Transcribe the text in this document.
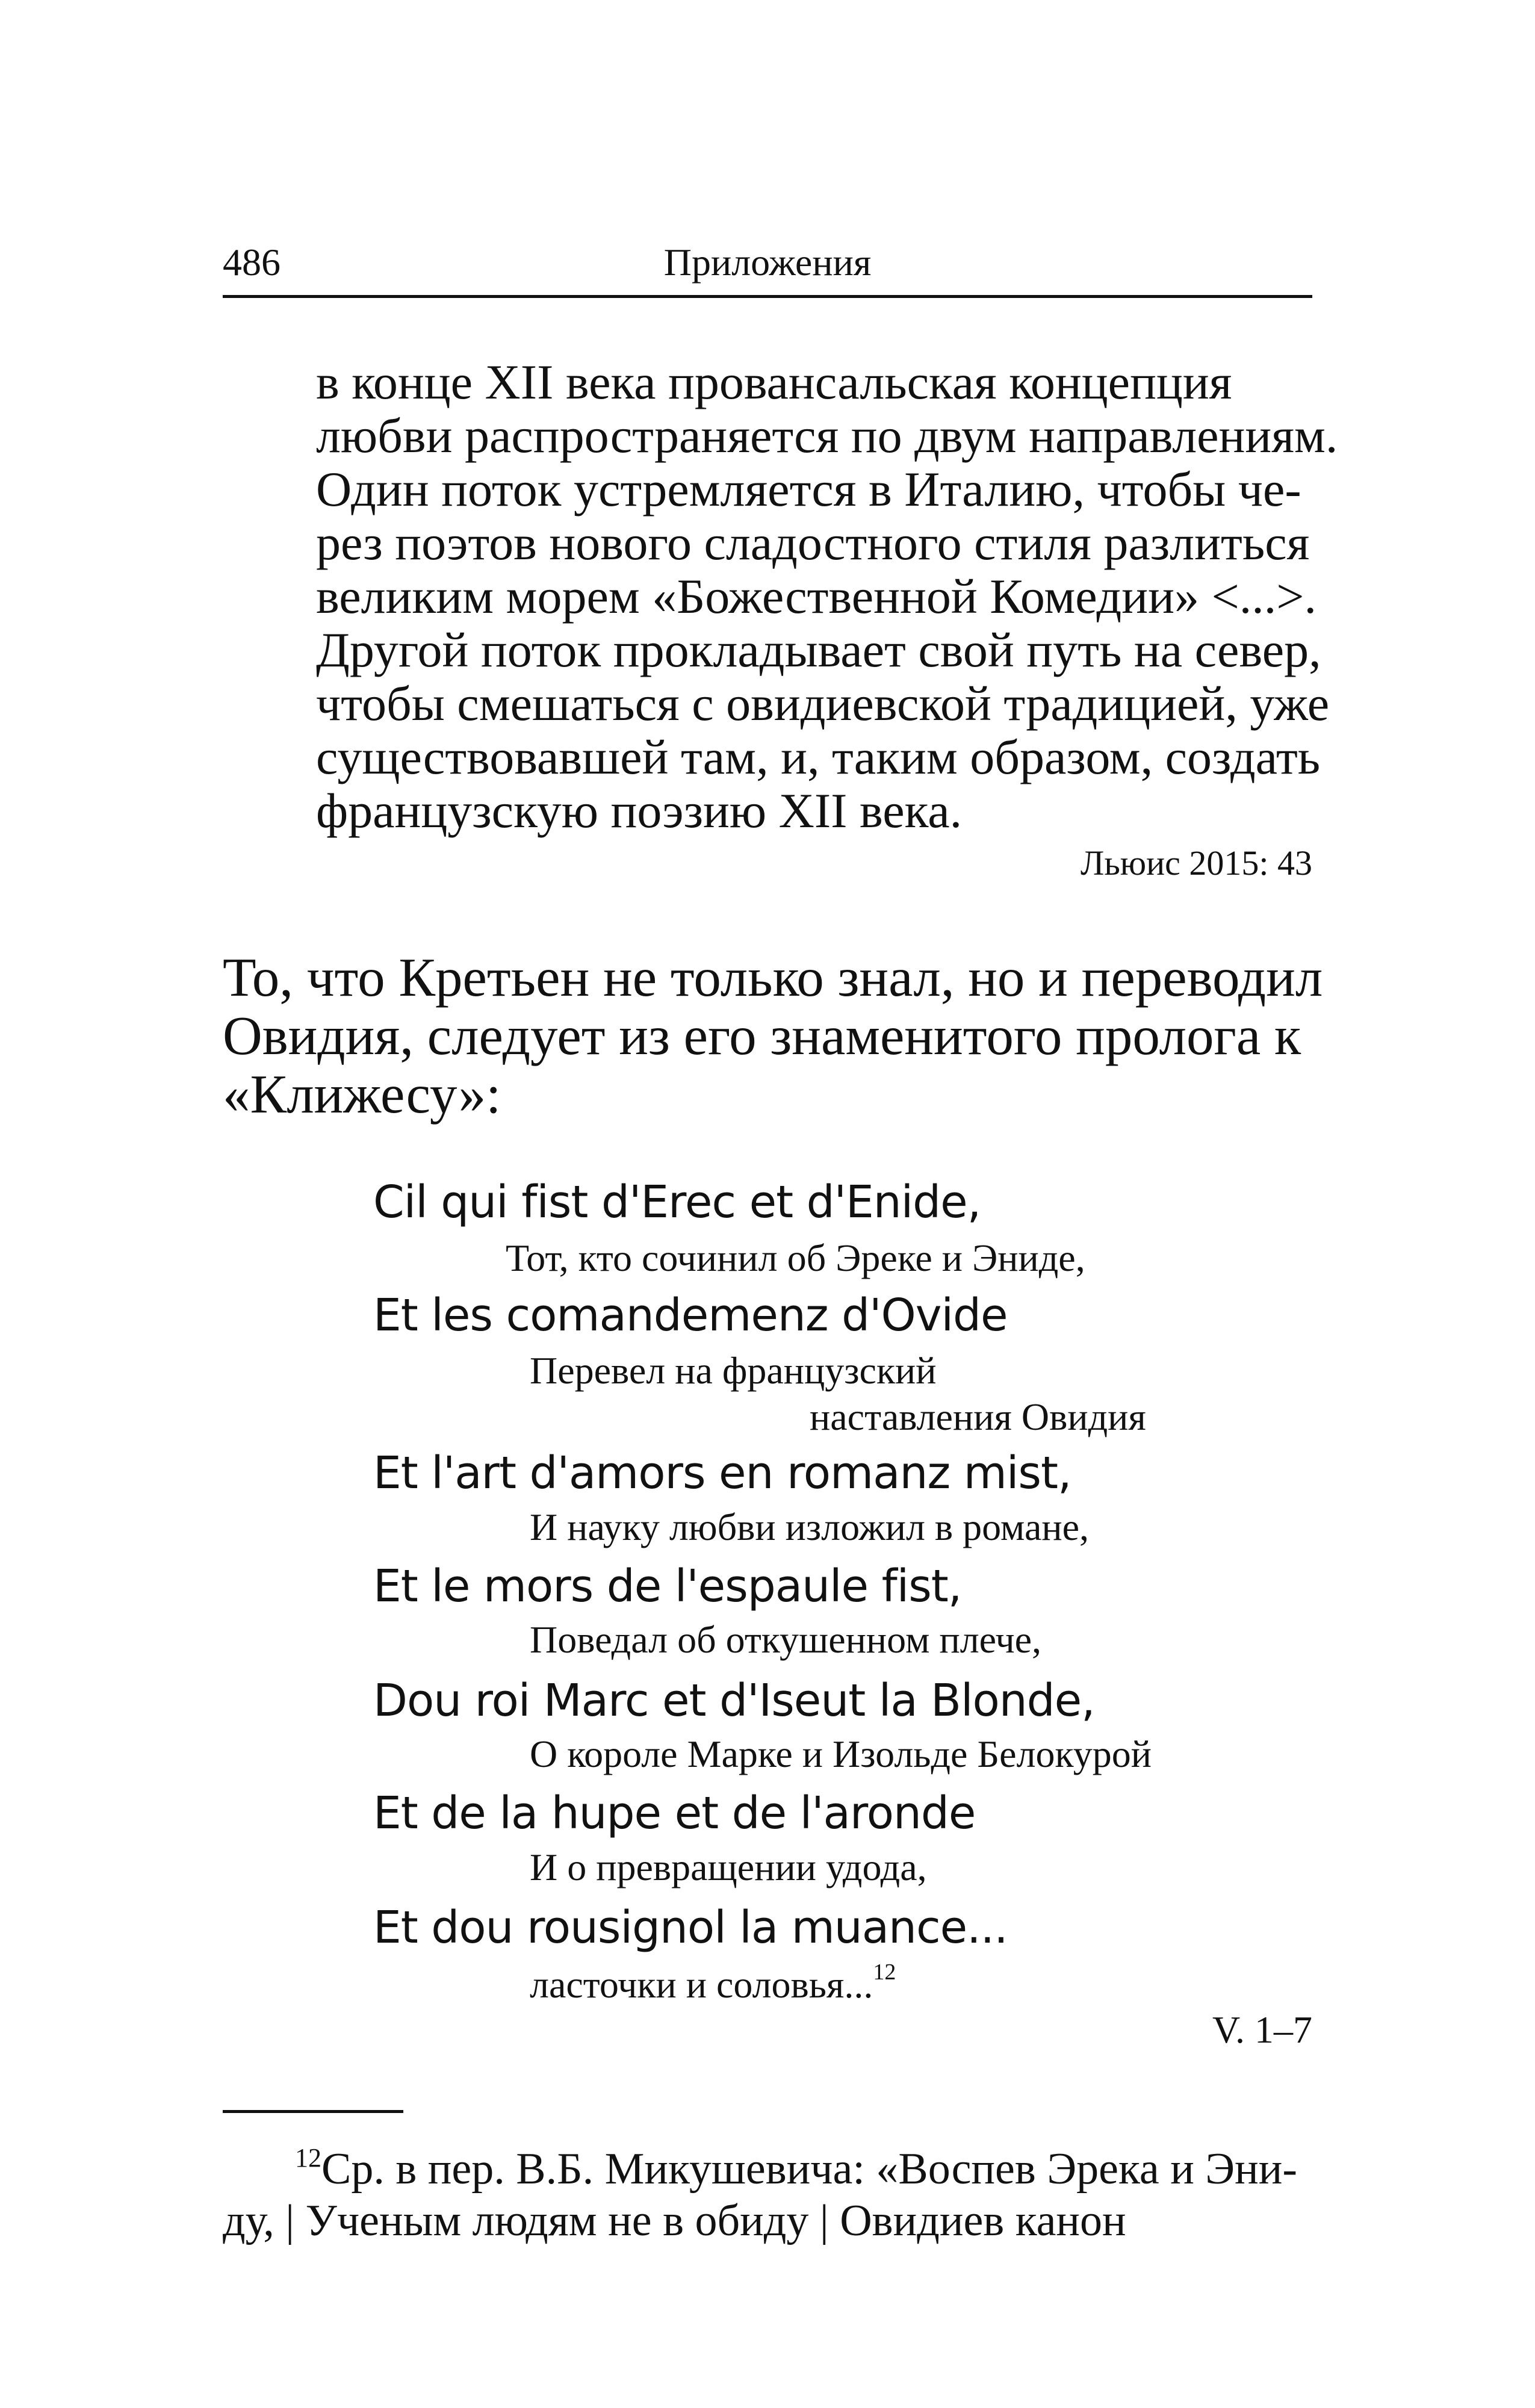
486	Приложения
в конце XII века провансальская концепция
любви распространяется по двум направлениям.
Один поток устремляется в Италию, чтобы че-
рез поэтов нового сладостного стиля разлиться
великим морем «Божественной Комедии» <...>.
Другой поток прокладывает свой путь на север,
чтобы смешаться с овидиевской традицией, уже
существовавшей там, и, таким образом, создать
французскую поэзию XII века.
Льюис 2015: 43
То, что Кретьен не только знал, но и переводил
Овидия, следует из его знаменитого пролога к
«Клижесу»:
Cil qui fist d'Erec et d'Enide,
Тот, кто сочинил об Эреке и Эниде,
Et les comandemenz d'Ovide
Перевел на французский
наставления Овидия
Et l'art d'amors en romanz mist,
И науку любви изложил в романе,
Et le mors de l'espaule fist,
Поведал об откушенном плече,
Dou roi Marc et d'Iseut la Blonde,
О короле Марке и Изольде Белокурой
Et de la hupe et de l'aronde
И о превращении удода,
Et dou rousignol la muance...
ласточки и соловья...$^{12}$
V. 1–7
$^{12}$Ср. в пер. В.Б. Микушевича: «Воспев Эрека и Эни-
ду, | Ученым людям не в обиду | Овидиев канон
